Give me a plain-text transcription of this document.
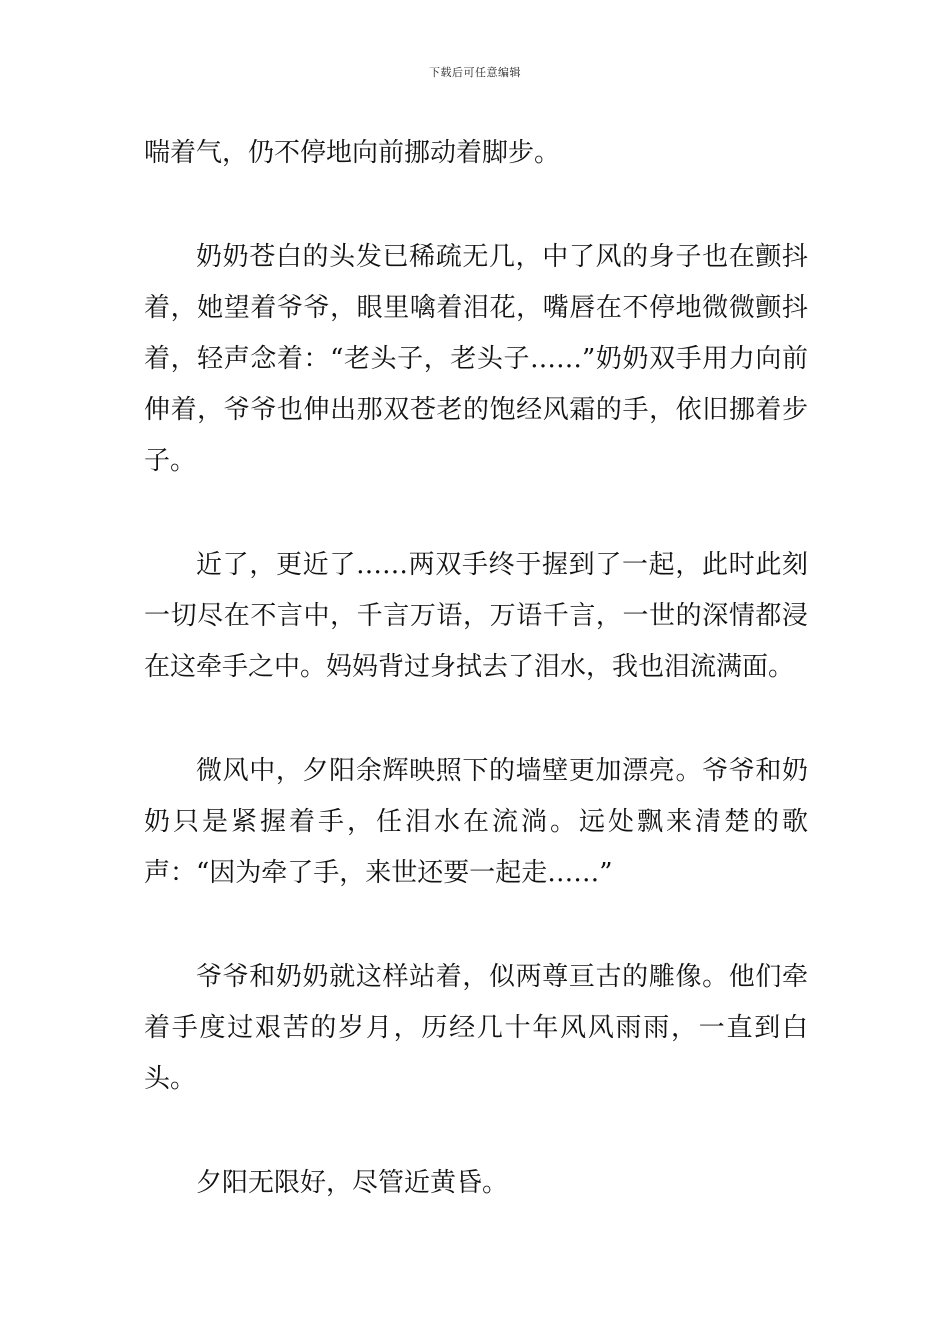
下载后可任意编辑

喘着气，仍不停地向前挪动着脚步。

奶奶苍白的头发已稀疏无几，中了风的身子也在颤抖着，她望着爷爷，眼里噙着泪花，嘴唇在不停地微微颤抖着，轻声念着：“老头子，老头子……”奶奶双手用力向前伸着，爷爷也伸出那双苍老的饱经风霜的手，依旧挪着步子。

近了，更近了……两双手终于握到了一起，此时此刻一切尽在不言中，千言万语，万语千言，一世的深情都浸在这牵手之中。妈妈背过身拭去了泪水，我也泪流满面。

微风中，夕阳余辉映照下的墙壁更加漂亮。爷爷和奶奶只是紧握着手，任泪水在流淌。远处飘来清楚的歌声：“因为牵了手，来世还要一起走……”

爷爷和奶奶就这样站着，似两尊亘古的雕像。他们牵着手度过艰苦的岁月，历经几十年风风雨雨，一直到白头。

夕阳无限好，尽管近黄昏。
